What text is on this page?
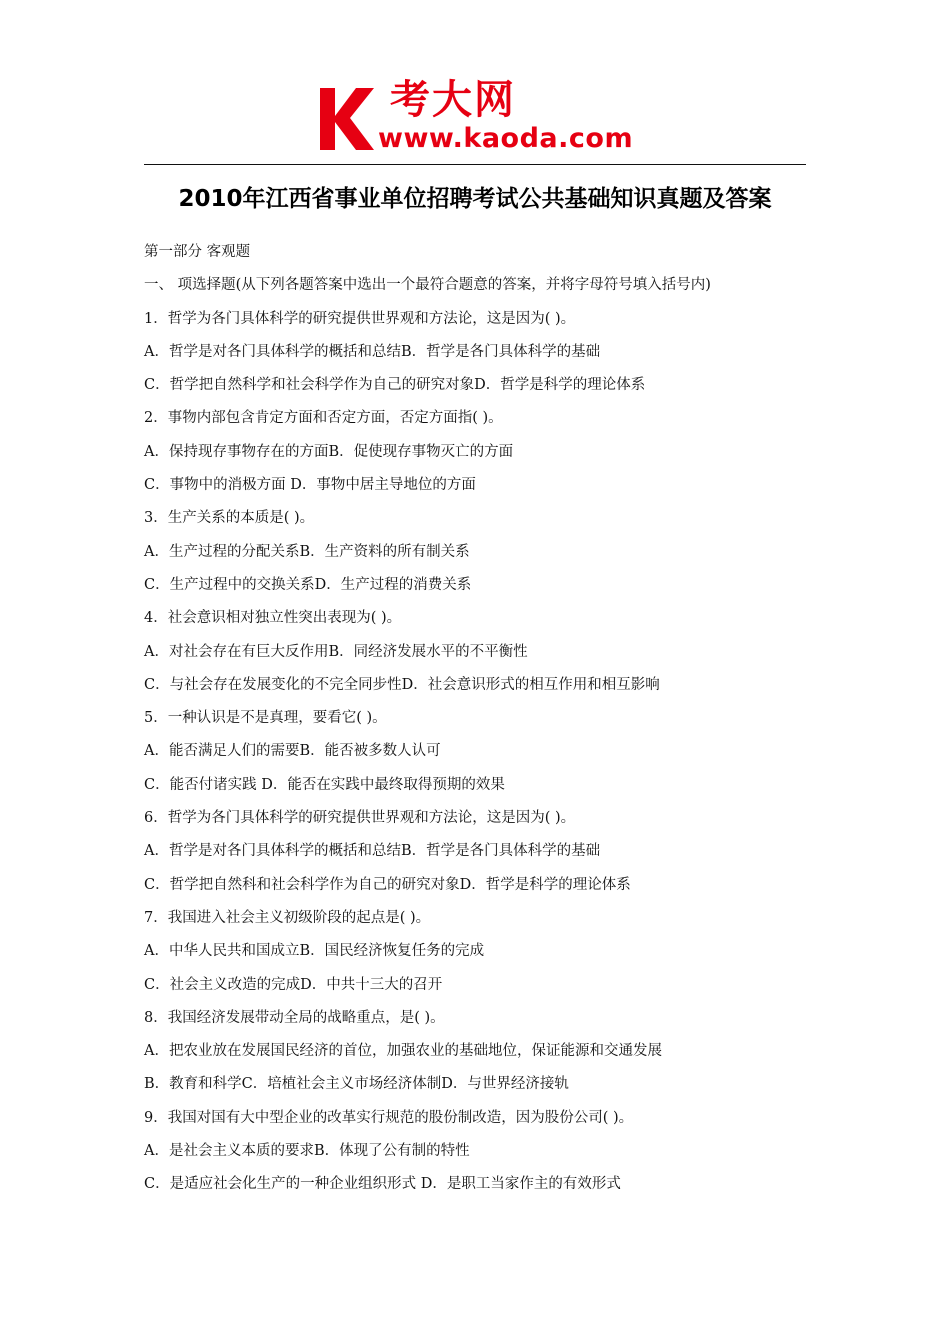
考大网
www.kaoda.com
2010年江西省事业单位招聘考试公共基础知识真题及答案
第一部分 客观题
一、 项选择题(从下列各题答案中选出一个最符合题意的答案，并将字母符号填入括号内)
1．哲学为各门具体科学的研究提供世界观和方法论，这是因为( )。
A．哲学是对各门具体科学的概括和总结B．哲学是各门具体科学的基础
C．哲学把自然科学和社会科学作为自己的研究对象D．哲学是科学的理论体系
2．事物内部包含肯定方面和否定方面，否定方面指( )。
A．保持现存事物存在的方面B．促使现存事物灭亡的方面
C．事物中的消极方面 D．事物中居主导地位的方面
3．生产关系的本质是( )。
A．生产过程的分配关系B．生产资料的所有制关系
C．生产过程中的交换关系D．生产过程的消费关系
4．社会意识相对独立性突出表现为( )。
A．对社会存在有巨大反作用B．同经济发展水平的不平衡性
C．与社会存在发展变化的不完全同步性D．社会意识形式的相互作用和相互影响
5．一种认识是不是真理，要看它( )。
A．能否满足人们的需要B．能否被多数人认可
C．能否付诸实践 D．能否在实践中最终取得预期的效果
6．哲学为各门具体科学的研究提供世界观和方法论，这是因为( )。
A．哲学是对各门具体科学的概括和总结B．哲学是各门具体科学的基础
C．哲学把自然科和社会科学作为自己的研究对象D．哲学是科学的理论体系
7．我国进入社会主义初级阶段的起点是( )。
A．中华人民共和国成立B．国民经济恢复任务的完成
C．社会主义改造的完成D．中共十三大的召开
8．我国经济发展带动全局的战略重点，是( )。
A．把农业放在发展国民经济的首位，加强农业的基础地位，保证能源和交通发展
B．教育和科学C．培植社会主义市场经济体制D．与世界经济接轨
9．我国对国有大中型企业的改革实行规范的股份制改造，因为股份公司( )。
A．是社会主义本质的要求B．体现了公有制的特性
C．是适应社会化生产的一种企业组织形式 D．是职工当家作主的有效形式
